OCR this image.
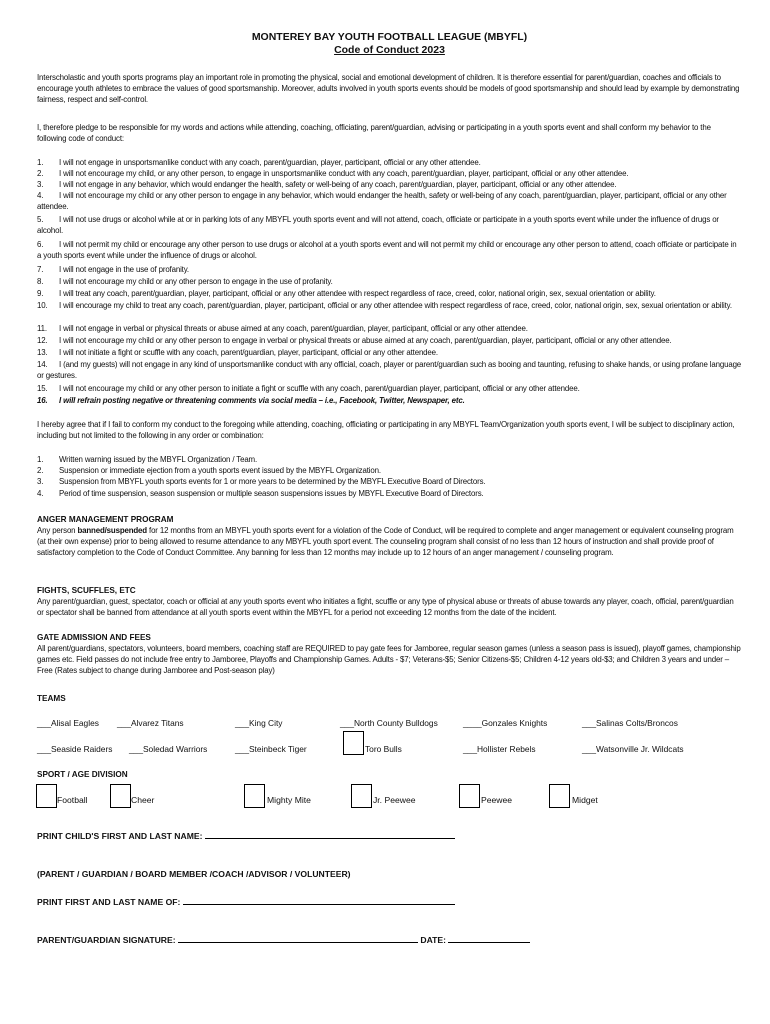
MONTEREY BAY YOUTH FOOTBALL LEAGUE (MBYFL)
Code of Conduct 2023
Interscholastic and youth sports programs play an important role in promoting the physical, social and emotional development of children. It is therefore essential for parent/guardian, coaches and officials to encourage youth athletes to embrace the values of good sportsmanship. Moreover, adults involved in youth sports events should be models of good sportsmanship and should lead by example by demonstrating fairness, respect and self-control.
I, therefore pledge to be responsible for my words and actions while attending, coaching, officiating, parent/guardian, advising or participating in a youth sports event and shall conform my behavior to the following code of conduct:
1. I will not engage in unsportsmanlike conduct with any coach, parent/guardian, player, participant, official or any other attendee.
2. I will not encourage my child, or any other person, to engage in unsportsmanlike conduct with any coach, parent/guardian, player, participant, official or any other attendee.
3. I will not engage in any behavior, which would endanger the health, safety or well-being of any coach, parent/guardian, player, participant, official or any other attendee.
4. I will not encourage my child or any other person to engage in any behavior, which would endanger the health, safety or well-being of any coach, parent/guardian, player, participant, official or any other attendee.
5. I will not use drugs or alcohol while at or in parking lots of any MBYFL youth sports event and will not attend, coach, officiate or participate in a youth sports event while under the influence of drugs or alcohol.
6. I will not permit my child or encourage any other person to use drugs or alcohol at a youth sports event and will not permit my child or encourage any other person to attend, coach officiate or participate in a youth sports event while under the influence of drugs or alcohol.
7. I will not engage in the use of profanity.
8. I will not encourage my child or any other person to engage in the use of profanity.
9. I will treat any coach, parent/guardian, player, participant, official or any other attendee with respect regardless of race, creed, color, national origin, sex, sexual orientation or ability.
10. I will encourage my child to treat any coach, parent/guardian, player, participant, official or any other attendee with respect regardless of race, creed, color, national origin, sex, sexual orientation or ability.
11. I will not engage in verbal or physical threats or abuse aimed at any coach, parent/guardian, player, participant, official or any other attendee.
12. I will not encourage my child or any other person to engage in verbal or physical threats or abuse aimed at any coach, parent/guardian, player, participant, official or any other attendee.
13. I will not initiate a fight or scuffle with any coach, parent/guardian, player, participant, official or any other attendee.
14. I (and my guests) will not engage in any kind of unsportsmanlike conduct with any official, coach, player or parent/guardian such as booing and taunting, refusing to shake hands, or using profane language or gestures.
15. I will not encourage my child or any other person to initiate a fight or scuffle with any coach, parent/guardian player, participant, official or any other attendee.
16. I will refrain posting negative or threatening comments via social media – i.e., Facebook, Twitter, Newspaper, etc.
I hereby agree that if I fail to conform my conduct to the foregoing while attending, coaching, officiating or participating in any MBYFL Team/Organization youth sports event, I will be subject to disciplinary action, including but not limited to the following in any order or combination:
1. Written warning issued by the MBYFL Organization / Team.
2. Suspension or immediate ejection from a youth sports event issued by the MBYFL Organization.
3. Suspension from MBYFL youth sports events for 1 or more years to be determined by the MBYFL Executive Board of Directors.
4. Period of time suspension, season suspension or multiple season suspensions issues by MBYFL Executive Board of Directors.
ANGER MANAGEMENT PROGRAM
Any person banned/suspended for 12 months from an MBYFL youth sports event for a violation of the Code of Conduct, will be required to complete and anger management or equivalent counseling program (at their own expense) prior to being allowed to resume attendance to any MBYFL youth sport event. The counseling program shall consist of no less than 12 hours of instruction and shall provide proof of satisfactory completion to the Code of Conduct Committee. Any banning for less than 12 months may include up to 12 hours of an anger management / counseling program.
FIGHTS, SCUFFLES, ETC
Any parent/guardian, guest, spectator, coach or official at any youth sports event who initiates a fight, scuffle or any type of physical abuse or threats of abuse towards any player, coach, official, parent/guardian or spectator shall be banned from attendance at all youth sports event within the MBYFL for a period not exceeding 12 months from the date of the incident.
GATE ADMISSION AND FEES
All parent/guardians, spectators, volunteers, board members, coaching staff are REQUIRED to pay gate fees for Jamboree, regular season games (unless a season pass is issued), playoff games, championship games etc. Field passes do not include free entry to Jamboree, Playoffs and Championship Games. Adults - $7; Veterans-$5; Senior Citizens-$5; Children 4-12 years old-$3; and Children 3 years and under – Free (Rates subject to change during Jamboree and Post-season play)
TEAMS
___Alisal Eagles ___Alvarez Titans	___King City	___North County Bulldogs	____Gonzales Knights	___Salinas Colts/Broncos
___Seaside Raiders ___Soledad Warriors	___Steinbeck Tiger	Toro Bulls	___Hollister Rebels	___Watsonville Jr. Wildcats
SPORT / AGE DIVISION
Football	Cheer	Mighty Mite	Jr. Peewee	Peewee	Midget
PRINT CHILD'S FIRST AND LAST NAME:
(PARENT / GUARDIAN / BOARD MEMBER /COACH /ADVISOR / VOLUNTEER)
PRINT FIRST AND LAST NAME OF:
PARENT/GUARDIAN SIGNATURE:	DATE:
